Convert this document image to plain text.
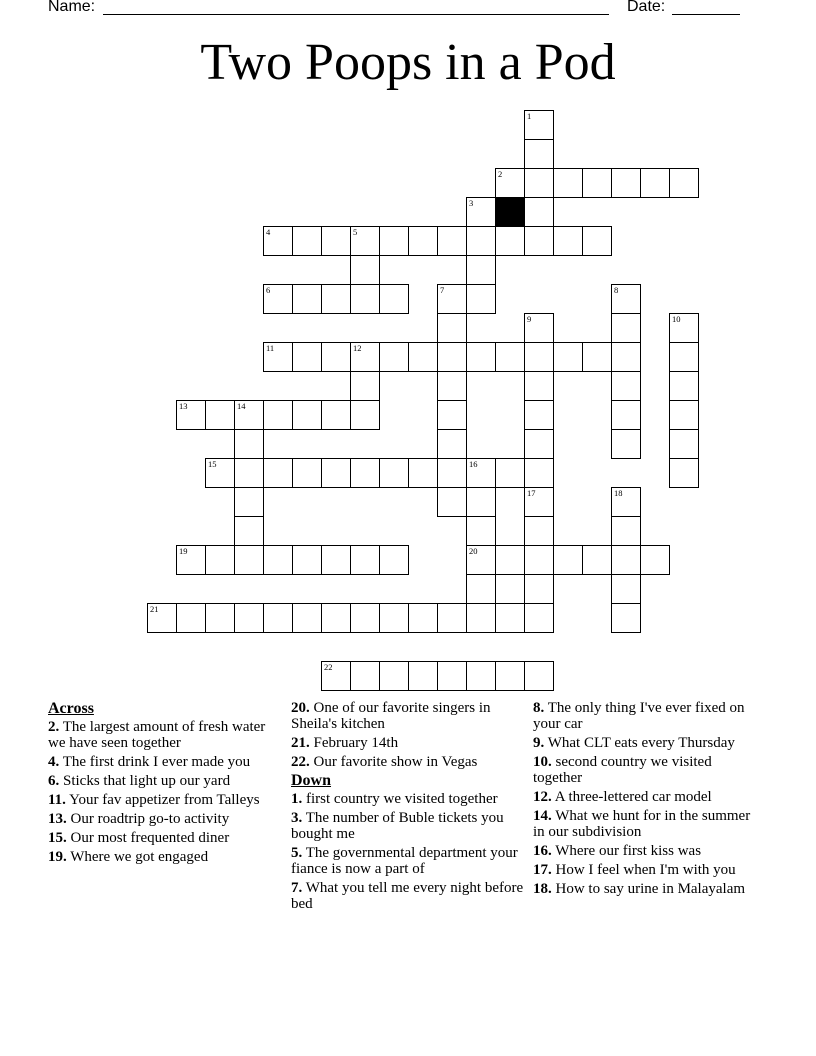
Name:	Date:
Two Poops in a Pod
2
4	5
6
11	12
13	14
15	16
19	20
21
22
1
3
7	8
9	10
17	18
Across
2. The largest amount of fresh water we have seen together
4. The first drink I ever made you
6. Sticks that light up our yard
11. Your fav appetizer from Talleys
13. Our roadtrip go-to activity
15. Our most frequented diner
19. Where we got engaged
20. One of our favorite singers in Sheila's kitchen
21. February 14th
22. Our favorite show in Vegas
Down
1. first country we visited together
3. The number of Buble tickets you bought me
5. The governmental department your fiance is now a part of
7. What you tell me every night before bed
8. The only thing I've ever fixed on your car
9. What CLT eats every Thursday
10. second country we visited together
12. A three-lettered car model
14. What we hunt for in the summer in our subdivision
16. Where our first kiss was
17. How I feel when I'm with you
18. How to say urine in Malayalam
